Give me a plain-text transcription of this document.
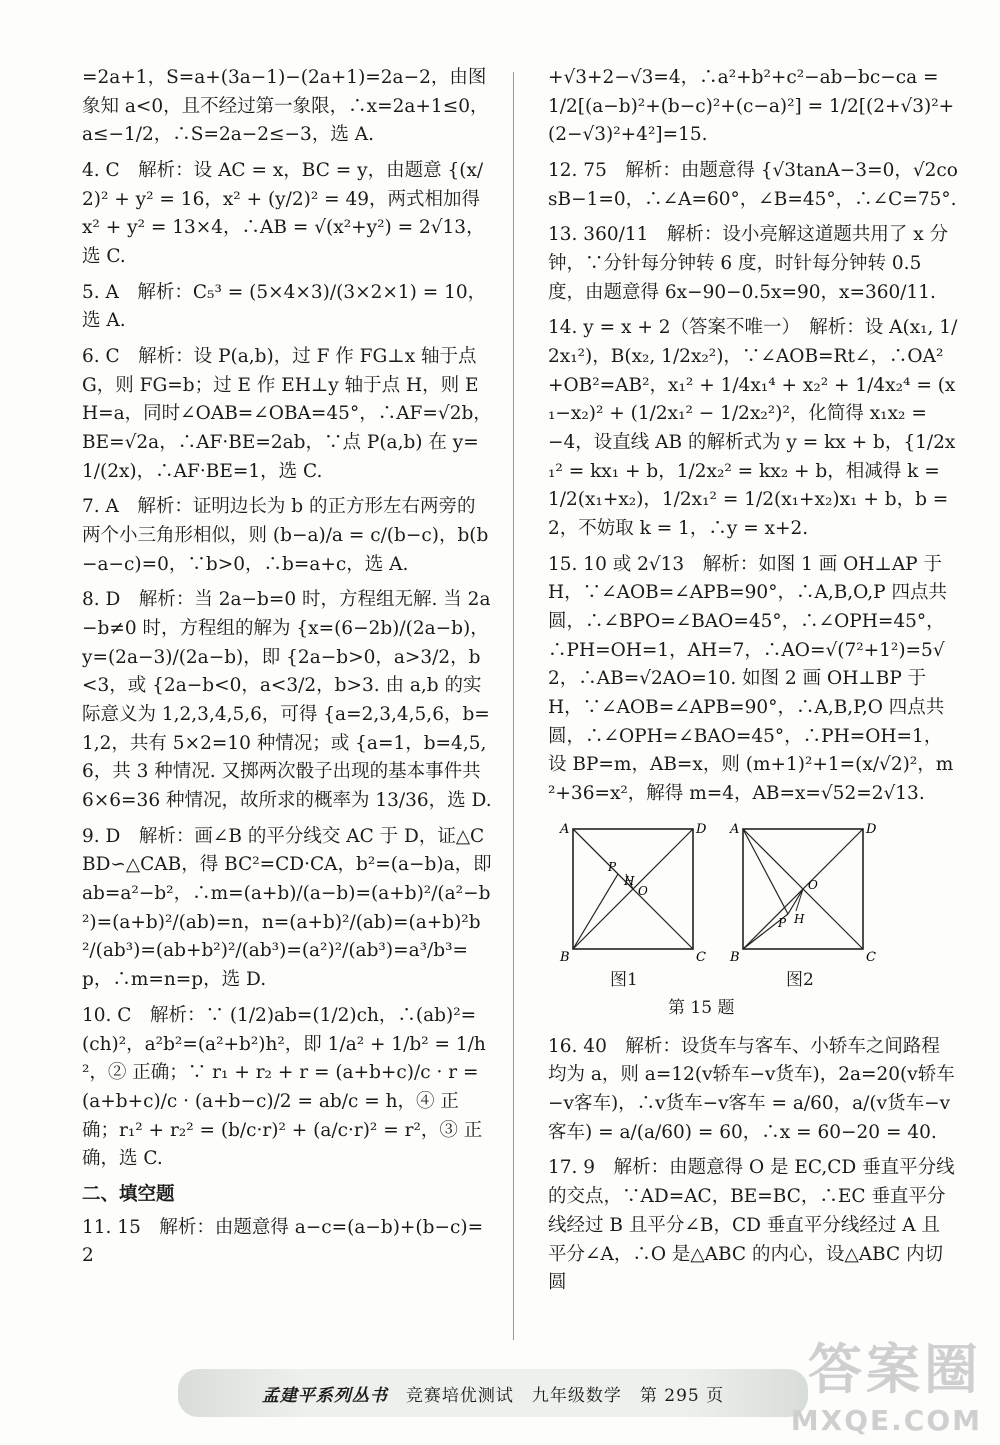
=2a+1，S=a+(3a−1)−(2a+1)=2a−2，由图象知 a<0，且不经过第一象限，∴x=2a+1≤0，a≤−1/2，∴S=2a−2≤−3，选 A.

4. C　解析：设 AC = x，BC = y，由题意 {(x/2)² + y² = 16，x² + (y/2)² = 49，两式相加得 x² + y² = 13×4，∴AB = √(x²+y²) = 2√13，选 C.

5. A　解析：C₅³ = (5×4×3)/(3×2×1) = 10，选 A.

6. C　解析：设 P(a,b)，过 F 作 FG⊥x 轴于点 G，则 FG=b；过 E 作 EH⊥y 轴于点 H，则 EH=a，同时∠OAB=∠OBA=45°，∴AF=√2b，BE=√2a，∴AF·BE=2ab，∵点 P(a,b) 在 y=1/(2x)，∴AF·BE=1，选 C.

7. A　解析：证明边长为 b 的正方形左右两旁的两个小三角形相似，则 (b−a)/a = c/(b−c)，b(b−a−c)=0，∵b>0，∴b=a+c，选 A.

8. D　解析：当 2a−b=0 时，方程组无解. 当 2a−b≠0 时，方程组的解为 {x=(6−2b)/(2a−b)，y=(2a−3)/(2a−b)，即 {2a−b>0，a>3/2，b<3，或 {2a−b<0，a<3/2，b>3. 由 a,b 的实际意义为 1,2,3,4,5,6，可得 {a=2,3,4,5,6，b=1,2，共有 5×2=10 种情况；或 {a=1，b=4,5,6，共 3 种情况. 又掷两次骰子出现的基本事件共 6×6=36 种情况，故所求的概率为 13/36，选 D.

9. D　解析：画∠B 的平分线交 AC 于 D，证△CBD∽△CAB，得 BC²=CD·CA，b²=(a−b)a，即 ab=a²−b²，∴m=(a+b)/(a−b)=(a+b)²/(a²−b²)=(a+b)²/(ab)=n，n=(a+b)²/(ab)=(a+b)²b²/(ab³)=(ab+b²)²/(ab³)=(a²)²/(ab³)=a³/b³=p，∴m=n=p，选 D.

10. C　解析：∵ (1/2)ab=(1/2)ch，∴(ab)²=(ch)²，a²b²=(a²+b²)h²，即 1/a² + 1/b² = 1/h²，② 正确；∵ r₁ + r₂ + r = (a+b+c)/c · r = (a+b+c)/c · (a+b−c)/2 = ab/c = h，④ 正确；r₁² + r₂² = (b/c·r)² + (a/c·r)² = r²，③ 正确，选 C.

二、填空题

11. 15　解析：由题意得 a−c=(a−b)+(b−c)=2

+√3+2−√3=4，∴a²+b²+c²−ab−bc−ca = 1/2[(a−b)²+(b−c)²+(c−a)²] = 1/2[(2+√3)²+(2−√3)²+4²]=15.

12. 75　解析：由题意得 {√3tanA−3=0，√2cosB−1=0，∴∠A=60°，∠B=45°，∴∠C=75°.

13. 360/11　解析：设小亮解这道题共用了 x 分钟，∵分针每分钟转 6 度，时针每分钟转 0.5 度，由题意得 6x−90−0.5x=90，x=360/11.

14. y = x + 2（答案不唯一）　解析：设 A(x₁, 1/2x₁²)，B(x₂, 1/2x₂²)，∵∠AOB=Rt∠，∴OA²+OB²=AB²，x₁² + 1/4x₁⁴ + x₂² + 1/4x₂⁴ = (x₁−x₂)² + (1/2x₁² − 1/2x₂²)²，化简得 x₁x₂ = −4，设直线 AB 的解析式为 y = kx + b，{1/2x₁² = kx₁ + b，1/2x₂² = kx₂ + b，相减得 k = 1/2(x₁+x₂)，1/2x₁² = 1/2(x₁+x₂)x₁ + b，b = 2，不妨取 k = 1，∴y = x+2.

15. 10 或 2√13　解析：如图 1 画 OH⊥AP 于 H，∵∠AOB=∠APB=90°，∴A,B,O,P 四点共圆，∴∠BPO=∠BAO=45°，∴∠OPH=45°，∴PH=OH=1，AH=7，∴AO=√(7²+1²)=5√2，∴AB=√2AO=10. 如图 2 画 OH⊥BP 于 H，∵∠AOB=∠APB=90°，∴A,B,P,O 四点共圆，∴∠OPH=∠BAO=45°，∴PH=OH=1，设 BP=m，AB=x，则 (m+1)²+1=(x/√2)²，m²+36=x²，解得 m=4，AB=x=√52=2√13.

A	D
B	C
P
H
O
A	D
B	C
P H
O
图1	图2
第 15 题

16. 40　解析：设货车与客车、小轿车之间路程均为 a，则 a=12(v轿车−v货车)，2a=20(v轿车−v客车)，∴v货车−v客车 = a/60，a/(v货车−v客车) = a/(a/60) = 60，∴x = 60−20 = 40.

17. 9　解析：由题意得 O 是 EC,CD 垂直平分线的交点，∵AD=AC，BE=BC，∴EC 垂直平分线经过 B 且平分∠B，CD 垂直平分线经过 A 且平分∠A，∴O 是△ABC 的内心，设△ABC 内切圆

孟建平系列丛书 竞赛培优测试 九年级数学 第 295 页	答案圈
MXQE.COM
